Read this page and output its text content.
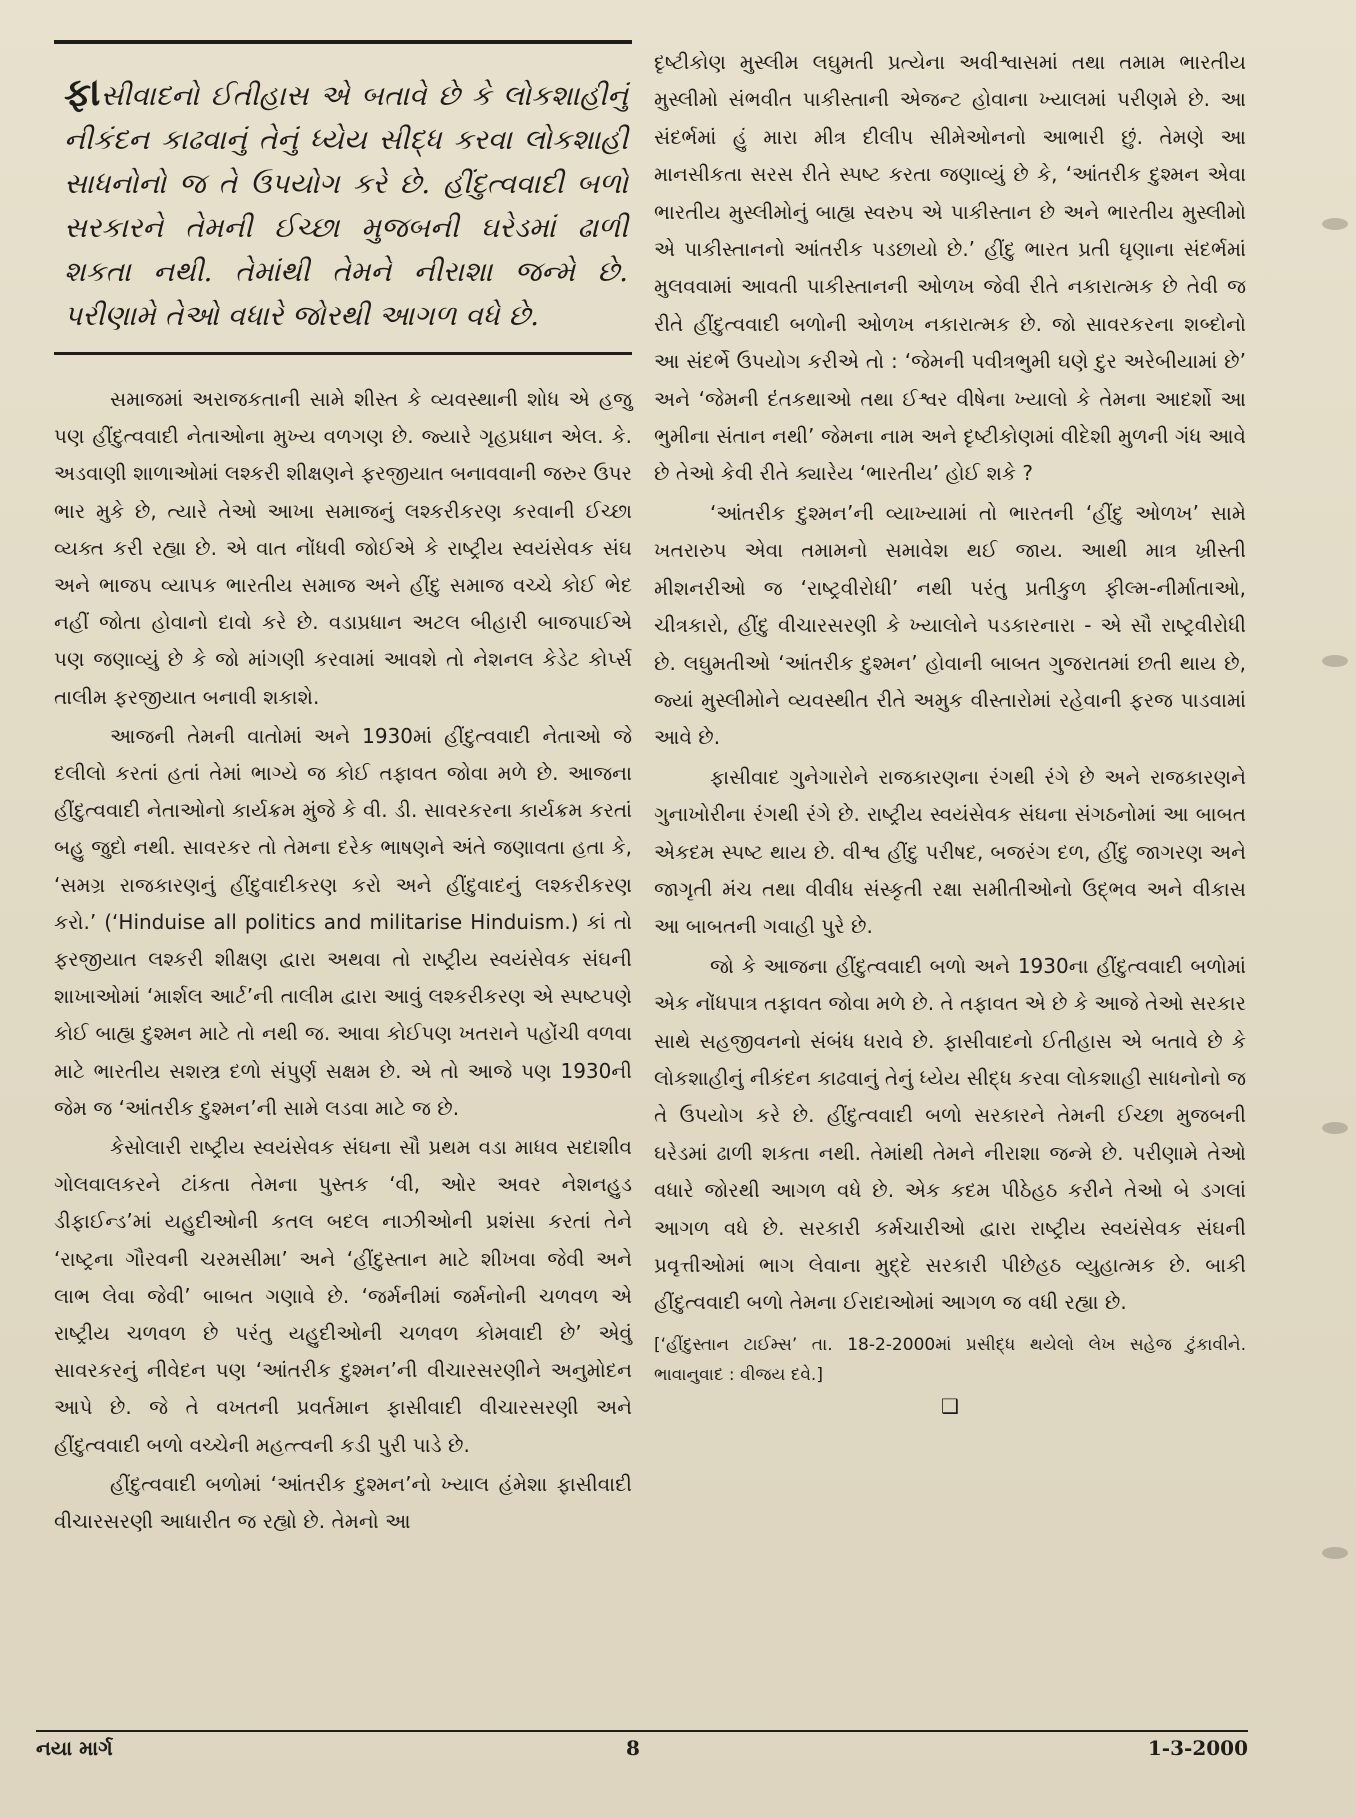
ફાસીવાદનો ઈતીહાસ એ બતાવે છે કે લોકશાહીનું નીકંદન કાઢવાનું તેનું ધ્યેય સીદ્ધ કરવા લોકશાહી સાધનોનો જ તે ઉપયોગ કરે છે. હીંદુત્વવાદી બળો સરકારને તેમની ઈચ્છા મુજબની ઘરેડમાં ઢાળી શકતા નથી. તેમાંથી તેમને નીરાશા જન્મે છે. પરીણામે તેઓ વધારે જોરથી આગળ વધે છે.

સમાજમાં અરાજકતાની સામે શીસ્ત કે વ્યવસ્થાની શોધ એ હજુ પણ હીંદુત્વવાદી નેતાઓના મુખ્ય વળગણ છે. જ્યારે ગૃહપ્રધાન એલ. કે. અડવાણી શાળાઓમાં લશ્કરી શીક્ષણને ફરજીયાત બનાવવાની જરુર ઉપર ભાર મુકે છે, ત્યારે તેઓ આખા સમાજનું લશ્કરીકરણ કરવાની ઈચ્છા વ્યક્ત કરી રહ્યા છે. એ વાત નોંધવી જોઈએ કે રાષ્ટ્રીય સ્વયંસેવક સંઘ અને ભાજપ વ્યાપક ભારતીય સમાજ અને હીંદુ સમાજ વચ્ચે કોઈ ભેદ નહીં જોતા હોવાનો દાવો કરે છે. વડાપ્રધાન અટલ બીહારી બાજપાઈએ પણ જણાવ્યું છે કે જો માંગણી કરવામાં આવશે તો નેશનલ કેડેટ કોર્પ્સ તાલીમ ફરજીયાત બનાવી શકાશે.

આજની તેમની વાતોમાં અને 1930માં હીંદુત્વવાદી નેતાઓ જે દલીલો કરતાં હતાં તેમાં ભાગ્યે જ કોઈ તફાવત જોવા મળે છે. આજના હીંદુત્વવાદી નેતાઓનો કાર્યક્રમ મુંજે કે વી. ડી. સાવરકરના કાર્યક્રમ કરતાં બહુ જુદો નથી. સાવરકર તો તેમના દરેક ભાષણને અંતે જણાવતા હતા કે, ‘સમગ્ર રાજકારણનું હીંદુવાદીકરણ કરો અને હીંદુવાદનું લશ્કરીકરણ કરો.’ (‘Hinduise all politics and militarise Hinduism.) કાં તો ફરજીયાત લશ્કરી શીક્ષણ દ્વારા અથવા તો રાષ્ટ્રીય સ્વયંસેવક સંઘની શાખાઓમાં ‘માર્શલ આર્ટ’ની તાલીમ દ્વારા આવું લશ્કરીકરણ એ સ્પષ્ટપણે કોઈ બાહ્ય દુશ્મન માટે તો નથી જ. આવા કોઈપણ ખતરાને પહોંચી વળવા માટે ભારતીય સશસ્ત્ર દળો સંપુર્ણ સક્ષમ છે. એ તો આજે પણ 1930ની જેમ જ ‘આંતરીક દુશ્મન’ની સામે લડવા માટે જ છે.

કેસોલારી રાષ્ટ્રીય સ્વયંસેવક સંઘના સૌ પ્રથમ વડા માધવ સદાશીવ ગોલવાલકરને ટાંકતા તેમના પુસ્તક ‘વી, ઓર અવર નેશનહુડ ડીફાઈન્ડ’માં યહુદીઓની કતલ બદલ નાઝીઓની પ્રશંસા કરતાં તેને ‘રાષ્ટ્રના ગૌરવની ચરમસીમા’ અને ‘હીંદુસ્તાન માટે શીખવા જેવી અને લાભ લેવા જેવી’ બાબત ગણાવે છે. ‘જર્મનીમાં જર્મનોની ચળવળ એ રાષ્ટ્રીય ચળવળ છે પરંતુ યહુદીઓની ચળવળ કોમવાદી છે’ એવું સાવરકરનું નીવેદન પણ ‘આંતરીક દુશ્મન’ની વીચારસરણીને અનુમોદન આપે છે. જે તે વખતની પ્રવર્તમાન ફાસીવાદી વીચારસરણી અને હીંદુત્વવાદી બળો વચ્ચેની મહત્ત્વની કડી પુરી પાડે છે.

હીંદુત્વવાદી બળોમાં ‘આંતરીક દુશ્મન’નો ખ્યાલ હંમેશા ફાસીવાદી વીચારસરણી આધારીત જ રહ્યો છે. તેમનો આ

દૃષ્ટીકોણ મુસ્લીમ લઘુમતી પ્રત્યેના અવીશ્વાસમાં તથા તમામ ભારતીય મુસ્લીમો સંભવીત પાકીસ્તાની એજન્ટ હોવાના ખ્યાલમાં પરીણમે છે. આ સંદર્ભમાં હું મારા મીત્ર દીલીપ સીમેઓનનો આભારી છું. તેમણે આ માનસીકતા સરસ રીતે સ્પષ્ટ કરતા જણાવ્યું છે કે, ‘આંતરીક દુશ્મન એવા ભારતીય મુસ્લીમોનું બાહ્ય સ્વરુપ એ પાકીસ્તાન છે અને ભારતીય મુસ્લીમો એ પાકીસ્તાનનો આંતરીક પડછાયો છે.’ હીંદુ ભારત પ્રતી ઘૃણાના સંદર્ભમાં મુલવવામાં આવતી પાકીસ્તાનની ઓળખ જેવી રીતે નકારાત્મક છે તેવી જ રીતે હીંદુત્વવાદી બળોની ઓળખ નકારાત્મક છે. જો સાવરકરના શબ્દોનો આ સંદર્ભે ઉપયોગ કરીએ તો : ‘જેમની પવીત્રભુમી ઘણે દુર અરેબીયામાં છે’ અને ‘જેમની દંતકથાઓ તથા ઈશ્વર વીષેના ખ્યાલો કે તેમના આદર્શો આ ભુમીના સંતાન નથી’ જેમના નામ અને દૃષ્ટીકોણમાં વીદેશી મુળની ગંધ આવે છે તેઓ કેવી રીતે ક્યારેય ‘ભારતીય’ હોઈ શકે ?

‘આંતરીક દુશ્મન’ની વ્યાખ્યામાં તો ભારતની ‘હીંદુ ઓળખ’ સામે ખતરારુપ એવા તમામનો સમાવેશ થઈ જાય. આથી માત્ર ખ્રીસ્તી મીશનરીઓ જ ‘રાષ્ટ્રવીરોધી’ નથી પરંતુ પ્રતીકુળ ફીલ્મ-નીર્માતાઓ, ચીત્રકારો, હીંદુ વીચારસરણી કે ખ્યાલોને પડકારનારા - એ સૌ રાષ્ટ્રવીરોધી છે. લઘુમતીઓ ‘આંતરીક દુશ્મન’ હોવાની બાબત ગુજરાતમાં છતી થાય છે, જ્યાં મુસ્લીમોને વ્યવસ્થીત રીતે અમુક વીસ્તારોમાં રહેવાની ફરજ પાડવામાં આવે છે.

ફાસીવાદ ગુનેગારોને રાજકારણના રંગથી રંગે છે અને રાજકારણને ગુનાખોરીના રંગથી રંગે છે. રાષ્ટ્રીય સ્વયંસેવક સંઘના સંગઠનોમાં આ બાબત એકદમ સ્પષ્ટ થાય છે. વીશ્વ હીંદુ પરીષદ, બજરંગ દળ, હીંદુ જાગરણ અને જાગૃતી મંચ તથા વીવીધ સંસ્કૃતી રક્ષા સમીતીઓનો ઉદ્ભવ અને વીકાસ આ બાબતની ગવાહી પુરે છે.

જો કે આજના હીંદુત્વવાદી બળો અને 1930ના હીંદુત્વવાદી બળોમાં એક નોંધપાત્ર તફાવત જોવા મળે છે. તે તફાવત એ છે કે આજે તેઓ સરકાર સાથે સહજીવનનો સંબંધ ધરાવે છે. ફાસીવાદનો ઈતીહાસ એ બતાવે છે કે લોકશાહીનું નીકંદન કાઢવાનું તેનું ધ્યેય સીદ્ધ કરવા લોકશાહી સાધનોનો જ તે ઉપયોગ કરે છે. હીંદુત્વવાદી બળો સરકારને તેમની ઈચ્છા મુજબની ઘરેડમાં ઢાળી શકતા નથી. તેમાંથી તેમને નીરાશા જન્મે છે. પરીણામે તેઓ વધારે જોરથી આગળ વધે છે. એક કદમ પીઠેહઠ કરીને તેઓ બે ડગલાં આગળ વધે છે. સરકારી કર્મચારીઓ દ્વારા રાષ્ટ્રીય સ્વયંસેવક સંઘની પ્રવૃત્તીઓમાં ભાગ લેવાના મુદ્દે સરકારી પીછેહઠ વ્યુહાત્મક છે. બાકી હીંદુત્વવાદી બળો તેમના ઈરાદાઓમાં આગળ જ વધી રહ્યા છે.

[‘હીંદુસ્તાન ટાઈમ્સ’ તા. 18-2-2000માં પ્રસીદ્ધ થયેલો લેખ સહેજ ટુંકાવીને. ભાવાનુવાદ : વીજય દવે.]
❑
નયા માર્ગ	8	1-3-2000
